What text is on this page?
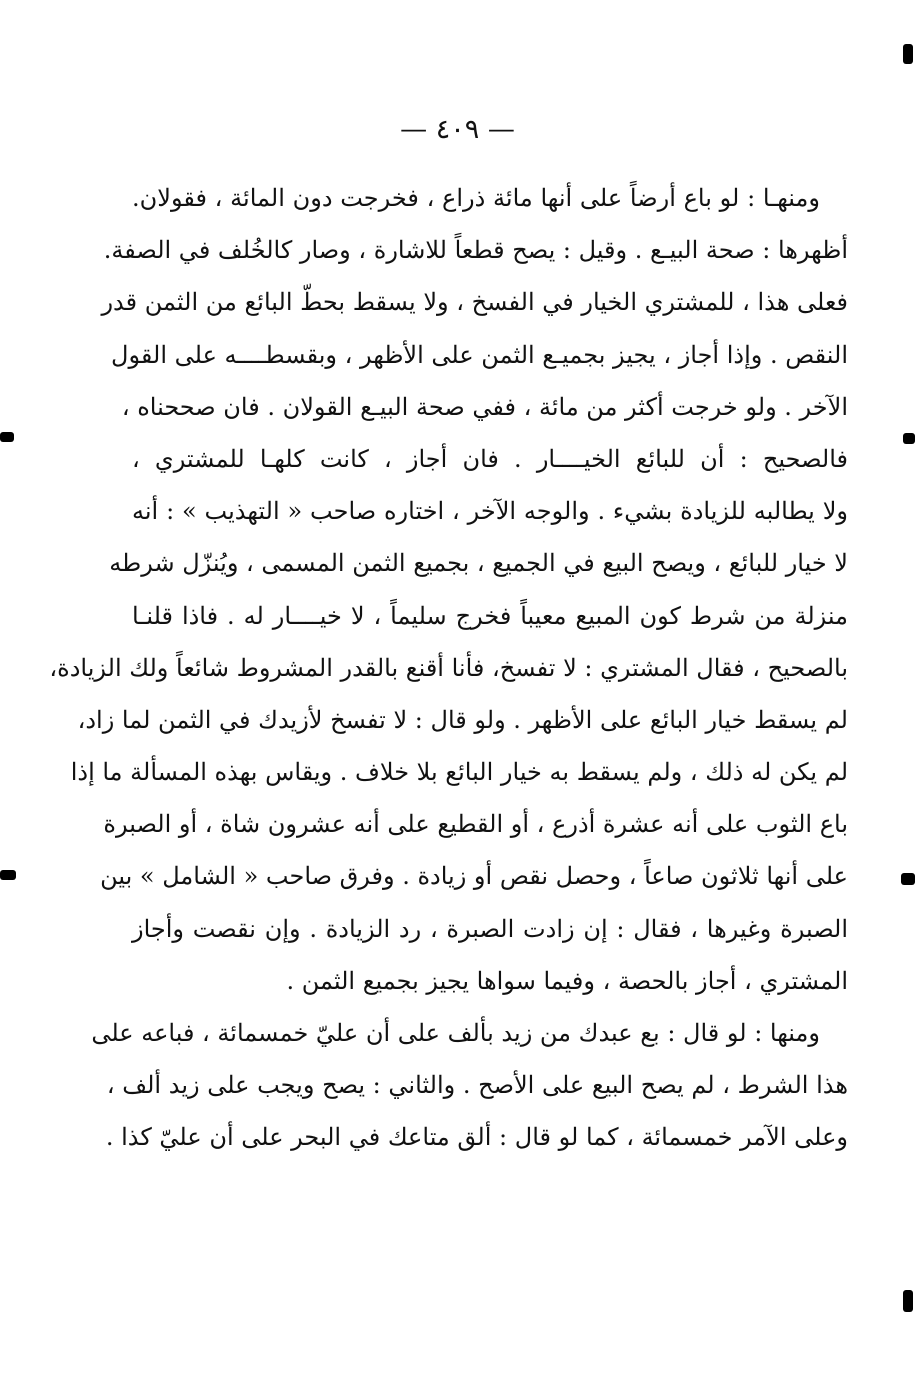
— ٤٠٩ —
ومنهـا : لو باع أرضاً على أنها مائة ذراع ، فخرجت دون المائة ، فقولان.
أظهرها : صحة البيـع . وقيل : يصح قطعاً للاشارة ، وصار كالخُلف في الصفة.
فعلى هذا ، للمشتري الخيار في الفسخ ، ولا يسقط بحطّ البائع من الثمن قدر
النقص . وإذا أجاز ، يجيز بجميـع الثمن على الأظهر ، وبقسطــــه على القول
الآخر . ولو خرجت أكثر من مائة ، ففي صحة البيـع القولان . فان صححناه ،
فالصحيح : أن للبائع الخيــــار . فان أجاز ، كانت كلهـا للمشتري ،
ولا يطالبه للزيادة بشيء . والوجه الآخر ، اختاره صاحب « التهذيب » : أنه
لا خيار للبائع ، ويصح البيع في الجميع ، بجميع الثمن المسمى ، ويُنزّل شرطه
منزلة من شرط كون المبيع معيباً فخرج سليماً ، لا خيــــار له . فاذا قلنـا
بالصحيح ، فقال المشتري : لا تفسخ، فأنا أقنع بالقدر المشروط شائعاً ولك الزيادة،
لم يسقط خيار البائع على الأظهر . ولو قال : لا تفسخ لأزيدك في الثمن لما زاد،
لم يكن له ذلك ، ولم يسقط به خيار البائع بلا خلاف . ويقاس بهذه المسألة ما إذا
باع الثوب على أنه عشرة أذرع ، أو القطيع على أنه عشرون شاة ، أو الصبرة
على أنها ثلاثون صاعاً ، وحصل نقص أو زيادة . وفرق صاحب « الشامل » بين
الصبرة وغيرها ، فقال : إن زادت الصبرة ، رد الزيادة . وإن نقصت وأجاز
المشتري ، أجاز بالحصة ، وفيما سواها يجيز بجميع الثمن .
ومنها : لو قال : بع عبدك من زيد بألف على أن عليّ خمسمائة ، فباعه على
هذا الشرط ، لم يصح البيع على الأصح . والثاني : يصح ويجب على زيد ألف ،
وعلى الآمر خمسمائة ، كما لو قال : ألق متاعك في البحر على أن عليّ كذا .
